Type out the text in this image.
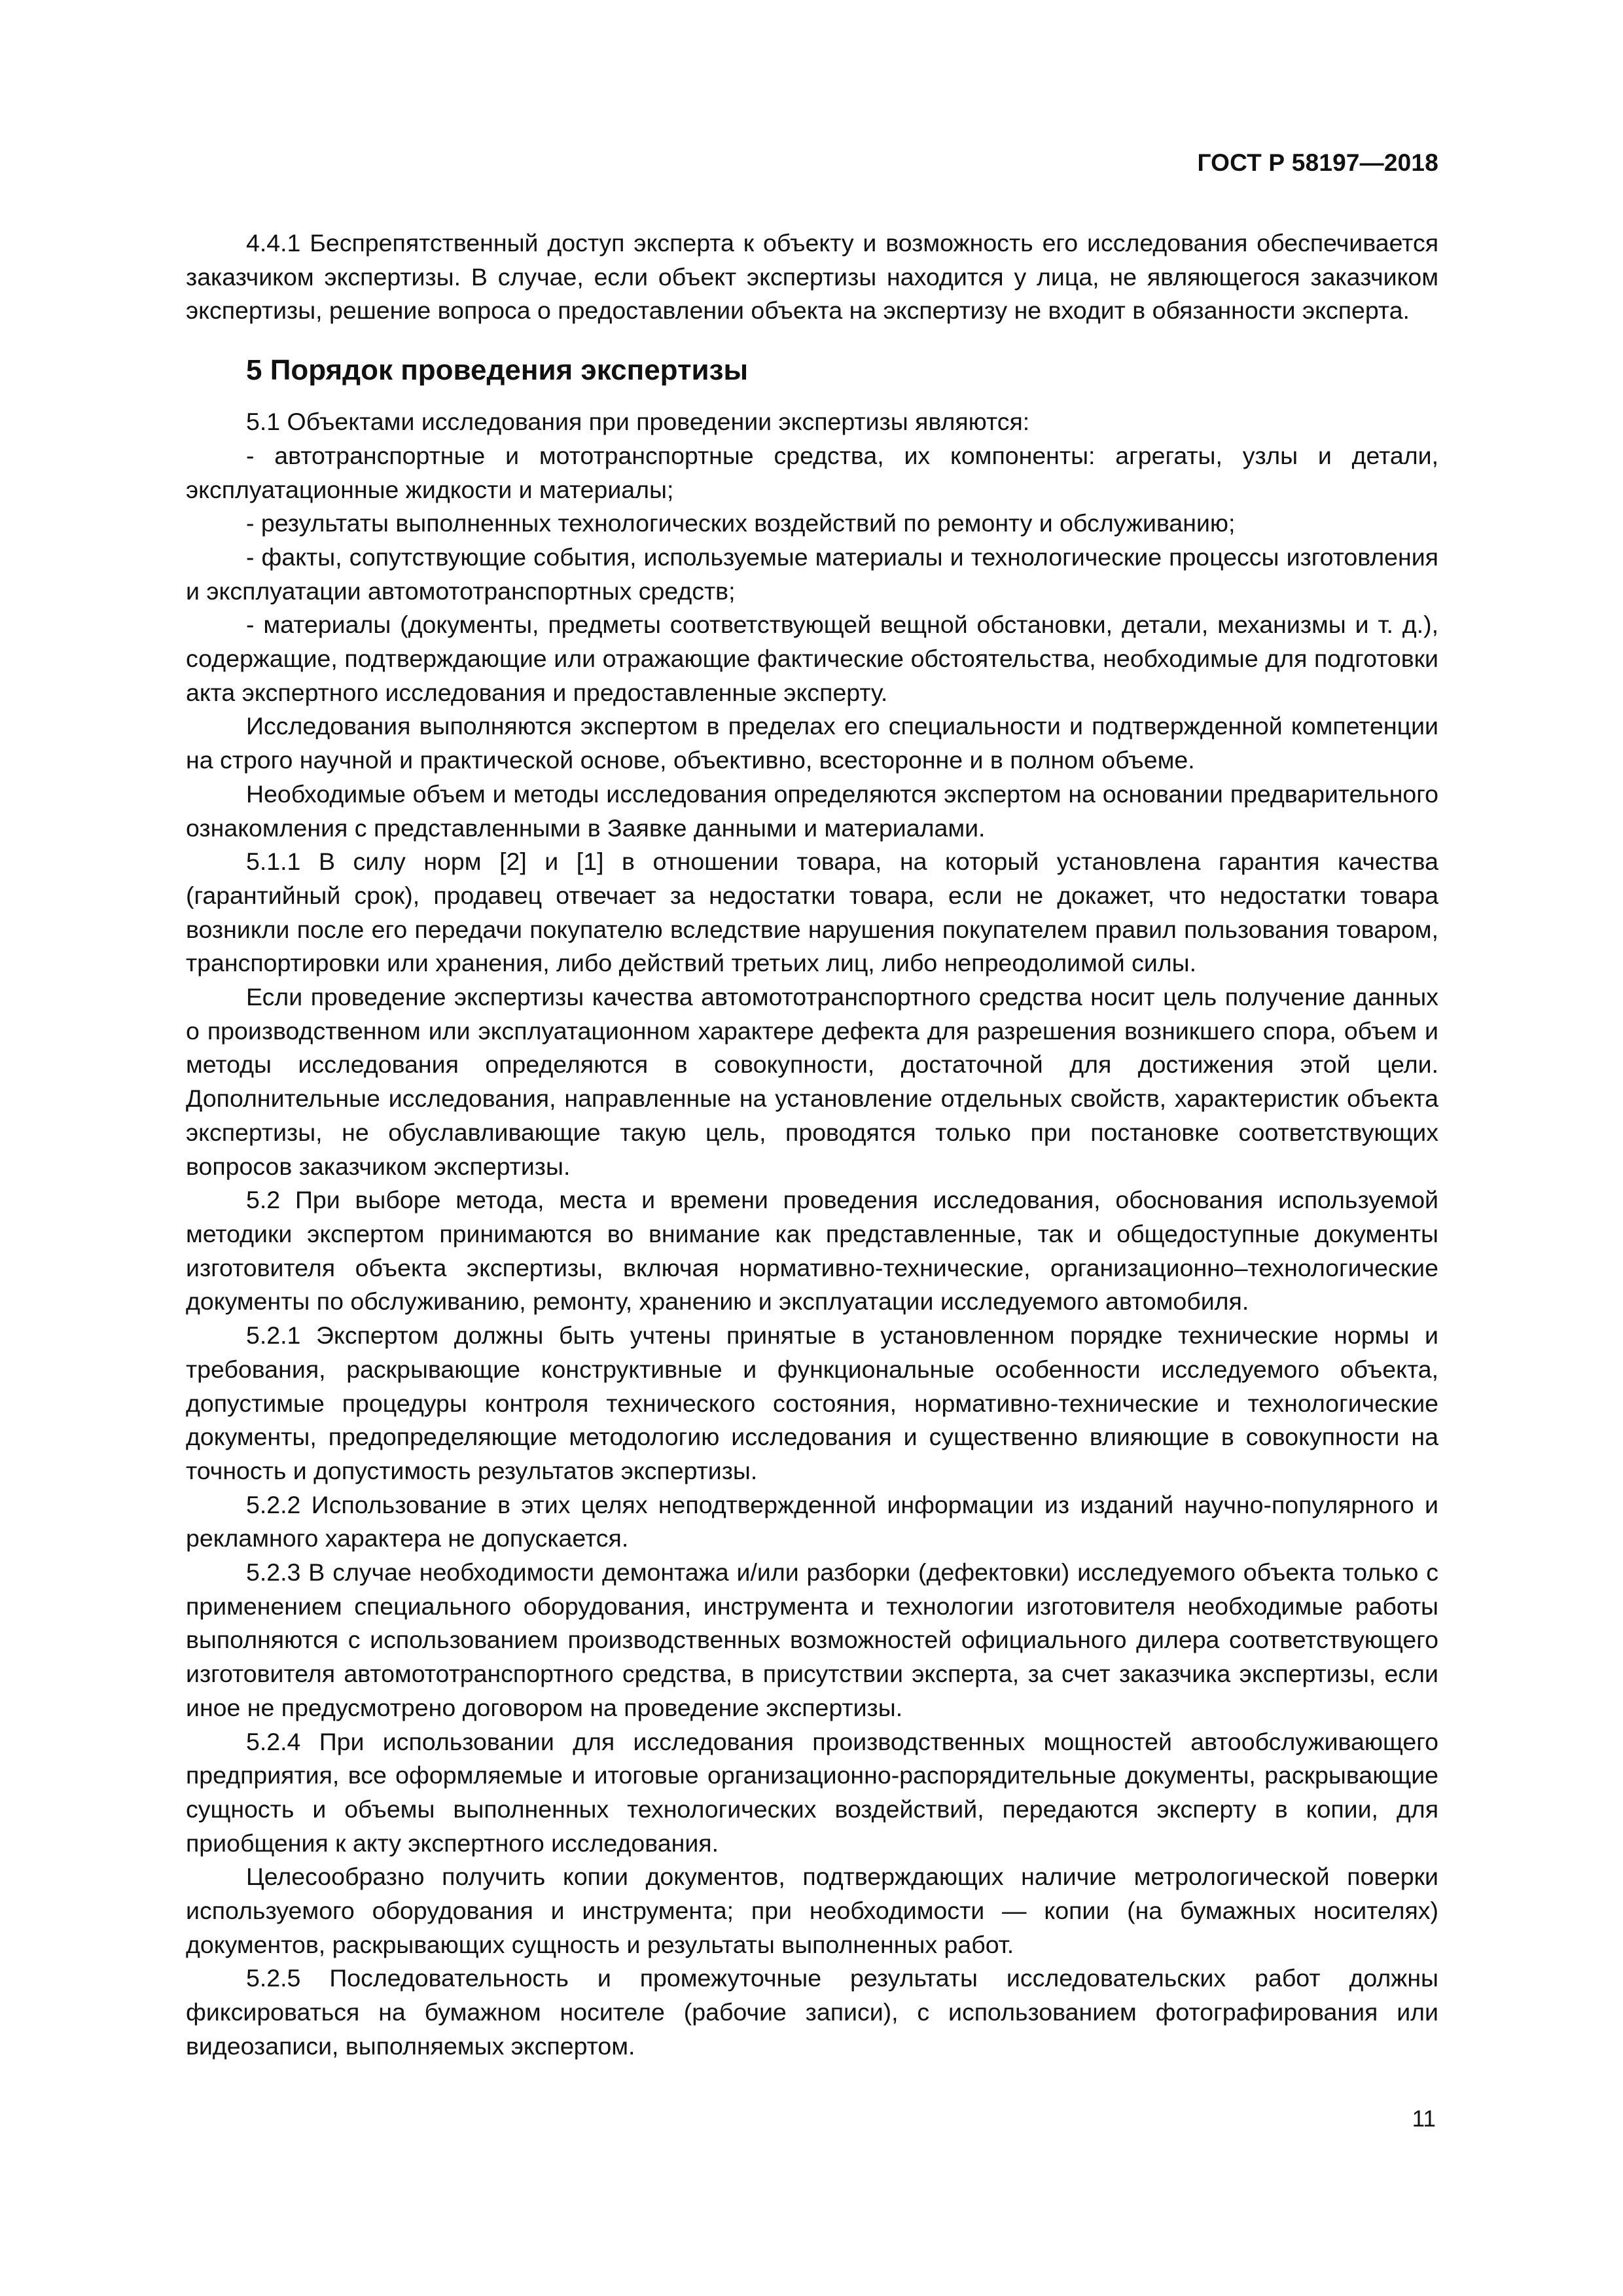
ГОСТ Р 58197—2018

4.4.1 Беспрепятственный доступ эксперта к объекту и возможность его исследования обеспечивается заказчиком экспертизы. В случае, если объект экспертизы находится у лица, не являющегося заказчиком экспертизы, решение вопроса о предоставлении объекта на экспертизу не входит в обязанности эксперта.

5 Порядок проведения экспертизы

5.1 Объектами исследования при проведении экспертизы являются:

- автотранспортные и мототранспортные средства, их компоненты: агрегаты, узлы и детали, эксплуатационные жидкости и материалы;

- результаты выполненных технологических воздействий по ремонту и обслуживанию;

- факты, сопутствующие события, используемые материалы и технологические процессы изготовления и эксплуатации автомототранспортных средств;

- материалы (документы, предметы соответствующей вещной обстановки, детали, механизмы и т. д.), содержащие, подтверждающие или отражающие фактические обстоятельства, необходимые для подготовки акта экспертного исследования и предоставленные эксперту.

Исследования выполняются экспертом в пределах его специальности и подтвержденной компетенции на строго научной и практической основе, объективно, всесторонне и в полном объеме.

Необходимые объем и методы исследования определяются экспертом на основании предварительного ознакомления с представленными в Заявке данными и материалами.

5.1.1 В силу норм [2] и [1] в отношении товара, на который установлена гарантия качества (гарантийный срок), продавец отвечает за недостатки товара, если не докажет, что недостатки товара возникли после его передачи покупателю вследствие нарушения покупателем правил пользования товаром, транспортировки или хранения, либо действий третьих лиц, либо непреодолимой силы.

Если проведение экспертизы качества автомототранспортного средства носит цель получение данных о производственном или эксплуатационном характере дефекта для разрешения возникшего спора, объем и методы исследования определяются в совокупности, достаточной для достижения этой цели. Дополнительные исследования, направленные на установление отдельных свойств, характеристик объекта экспертизы, не обуславливающие такую цель, проводятся только при постановке соответствующих вопросов заказчиком экспертизы.

5.2 При выборе метода, места и времени проведения исследования, обоснования используемой методики экспертом принимаются во внимание как представленные, так и общедоступные документы изготовителя объекта экспертизы, включая нормативно-технические, организационно–технологические документы по обслуживанию, ремонту, хранению и эксплуатации исследуемого автомобиля.

5.2.1 Экспертом должны быть учтены принятые в установленном порядке технические нормы и требования, раскрывающие конструктивные и функциональные особенности исследуемого объекта, допустимые процедуры контроля технического состояния, нормативно-технические и технологические документы, предопределяющие методологию исследования и существенно влияющие в совокупности на точность и допустимость результатов экспертизы.

5.2.2 Использование в этих целях неподтвержденной информации из изданий научно-популярного и рекламного характера не допускается.

5.2.3 В случае необходимости демонтажа и/или разборки (дефектовки) исследуемого объекта только с применением специального оборудования, инструмента и технологии изготовителя необходимые работы выполняются с использованием производственных возможностей официального дилера соответствующего изготовителя автомототранспортного средства, в присутствии эксперта, за счет заказчика экспертизы, если иное не предусмотрено договором на проведение экспертизы.

5.2.4 При использовании для исследования производственных мощностей автообслуживающего предприятия, все оформляемые и итоговые организационно-распорядительные документы, раскрывающие сущность и объемы выполненных технологических воздействий, передаются эксперту в копии, для приобщения к акту экспертного исследования.

Целесообразно получить копии документов, подтверждающих наличие метрологической поверки используемого оборудования и инструмента; при необходимости — копии (на бумажных носителях) документов, раскрывающих сущность и результаты выполненных работ.

5.2.5 Последовательность и промежуточные результаты исследовательских работ должны фиксироваться на бумажном носителе (рабочие записи), с использованием фотографирования или видеозаписи, выполняемых экспертом.

11
